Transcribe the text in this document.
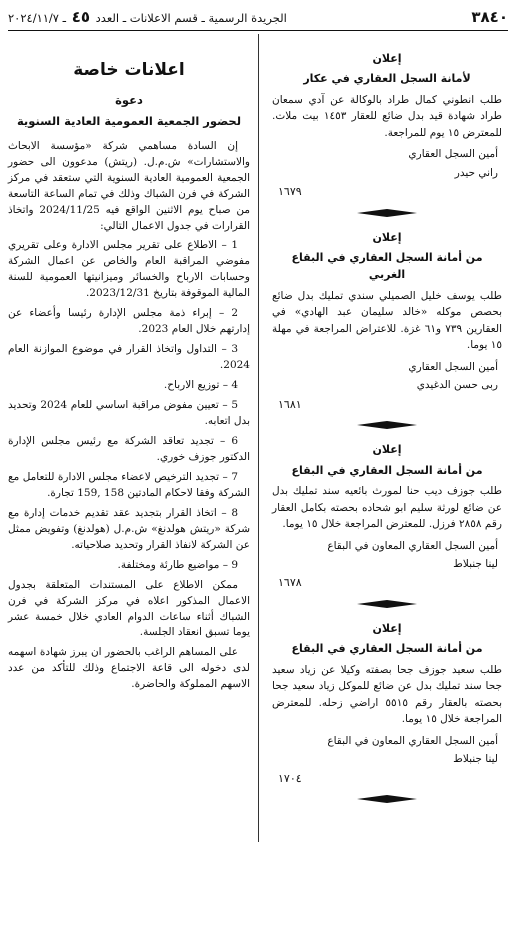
٣٨٤٠
الجريدة الرسمية ـ قسم الاعلانات ـ العدد ٤٥ ـ ٢٠٢٤/١١/٧
إعلان
لأمانة السجل العقاري في عكار
طلب انطوني كمال طراد بالوكالة عن آدي سمعان طراد شهادة قيد بدل ضائع للعقار ١٤٥٣ بيت ملات. للمعترض ١٥ يوم للمراجعة.
أمين السجل العقاري
راني حيدر
١٦٧٩
إعلان
من أمانة السجل العقاري في البقاع الغربي
طلب يوسف خليل الصميلي سندي تمليك بدل ضائع بحصص موكله «خالد سليمان عبد الهادي» في العقارين ٧٣٩ و٦١ غزة. للاعتراض المراجعة في مهلة ١٥ يوما.
أمين السجل العقاري
ربى حسن الدغيدي
١٦٨١
إعلان
من أمانة السجل العقاري في البقاع
طلب جوزف ديب حنا لمورث بائعيه سند تمليك بدل عن ضائع لورثة سليم ابو شحاده بحصته بكامل العقار رقم ٢٨٥٨ فرزل. للمعترض المراجعة خلال ١٥ يوما.
أمين السجل العقاري المعاون في البقاع
لينا جنبلاط
١٦٧٨
إعلان
من أمانة السجل العقاري في البقاع
طلب سعيد جوزف جحا بصفته وكيلا عن زياد سعيد جحا سند تمليك بدل عن ضائع للموكل زياد سعيد جحا بحصته بالعقار رقم ٥٥١٥ اراضي زحله. للمعترض المراجعة خلال ١٥ يوما.
أمين السجل العقاري المعاون في البقاع
لينا جنبلاط
١٧٠٤
اعلانات خاصة
دعوة
لحضور الجمعية العمومية العادية السنوية
إن السادة مساهمي شركة «مؤسسة الابحاث والاستشارات» ش.م.ل. (ريتش) مدعوون الى حضور الجمعية العمومية العادية السنوية التي ستعقد في مركز الشركة في فرن الشباك وذلك في تمام الساعة التاسعة من صباح يوم الاثنين الواقع فيه 2024/11/25 واتخاذ القرارات في جدول الاعمال التالي:
1 – الاطلاع على تقرير مجلس الادارة وعلى تقريري مفوضي المراقبة العام والخاص عن اعمال الشركة وحسابات الارباح والخسائر وميزانيتها العمومية للسنة المالية الموقوفة بتاريخ 2023/12/31.
2 – إبراء ذمة مجلس الإدارة رئيسا وأعضاء عن إدارتهم خلال العام 2023.
3 – التداول واتخاذ القرار في موضوع الموازنة العام 2024.
4 – توزيع الارباح.
5 – تعيين مفوض مراقبة اساسي للعام 2024 وتحديد بدل اتعابه.
6 – تجديد تعاقد الشركة مع رئيس مجلس الإدارة الدكتور جوزف خوري.
7 – تجديد الترخيص لاعضاء مجلس الادارة للتعامل مع الشركة وفقا لاحكام المادتين 158 ,159 تجارة.
8 – اتخاذ القرار بتجديد عقد تقديم خدمات إدارة مع شركة «ريتش هولدنغ» ش.م.ل (هولدنغ) وتفويض ممثل عن الشركة لانفاذ القرار وتحديد صلاحياته.
9 – مواضيع طارئة ومختلفة.
ممكن الاطلاع على المستندات المتعلقة بجدول الاعمال المذكور اعلاه في مركز الشركة في فرن الشباك أثناء ساعات الدوام العادي خلال خمسة عشر يوما تسبق انعقاد الجلسة.
على المساهم الراغب بالحضور ان يبرز شهادة اسهمه لدى دخوله الى قاعة الاجتماع وذلك للتأكد من عدد الاسهم المملوكة والحاضرة.
